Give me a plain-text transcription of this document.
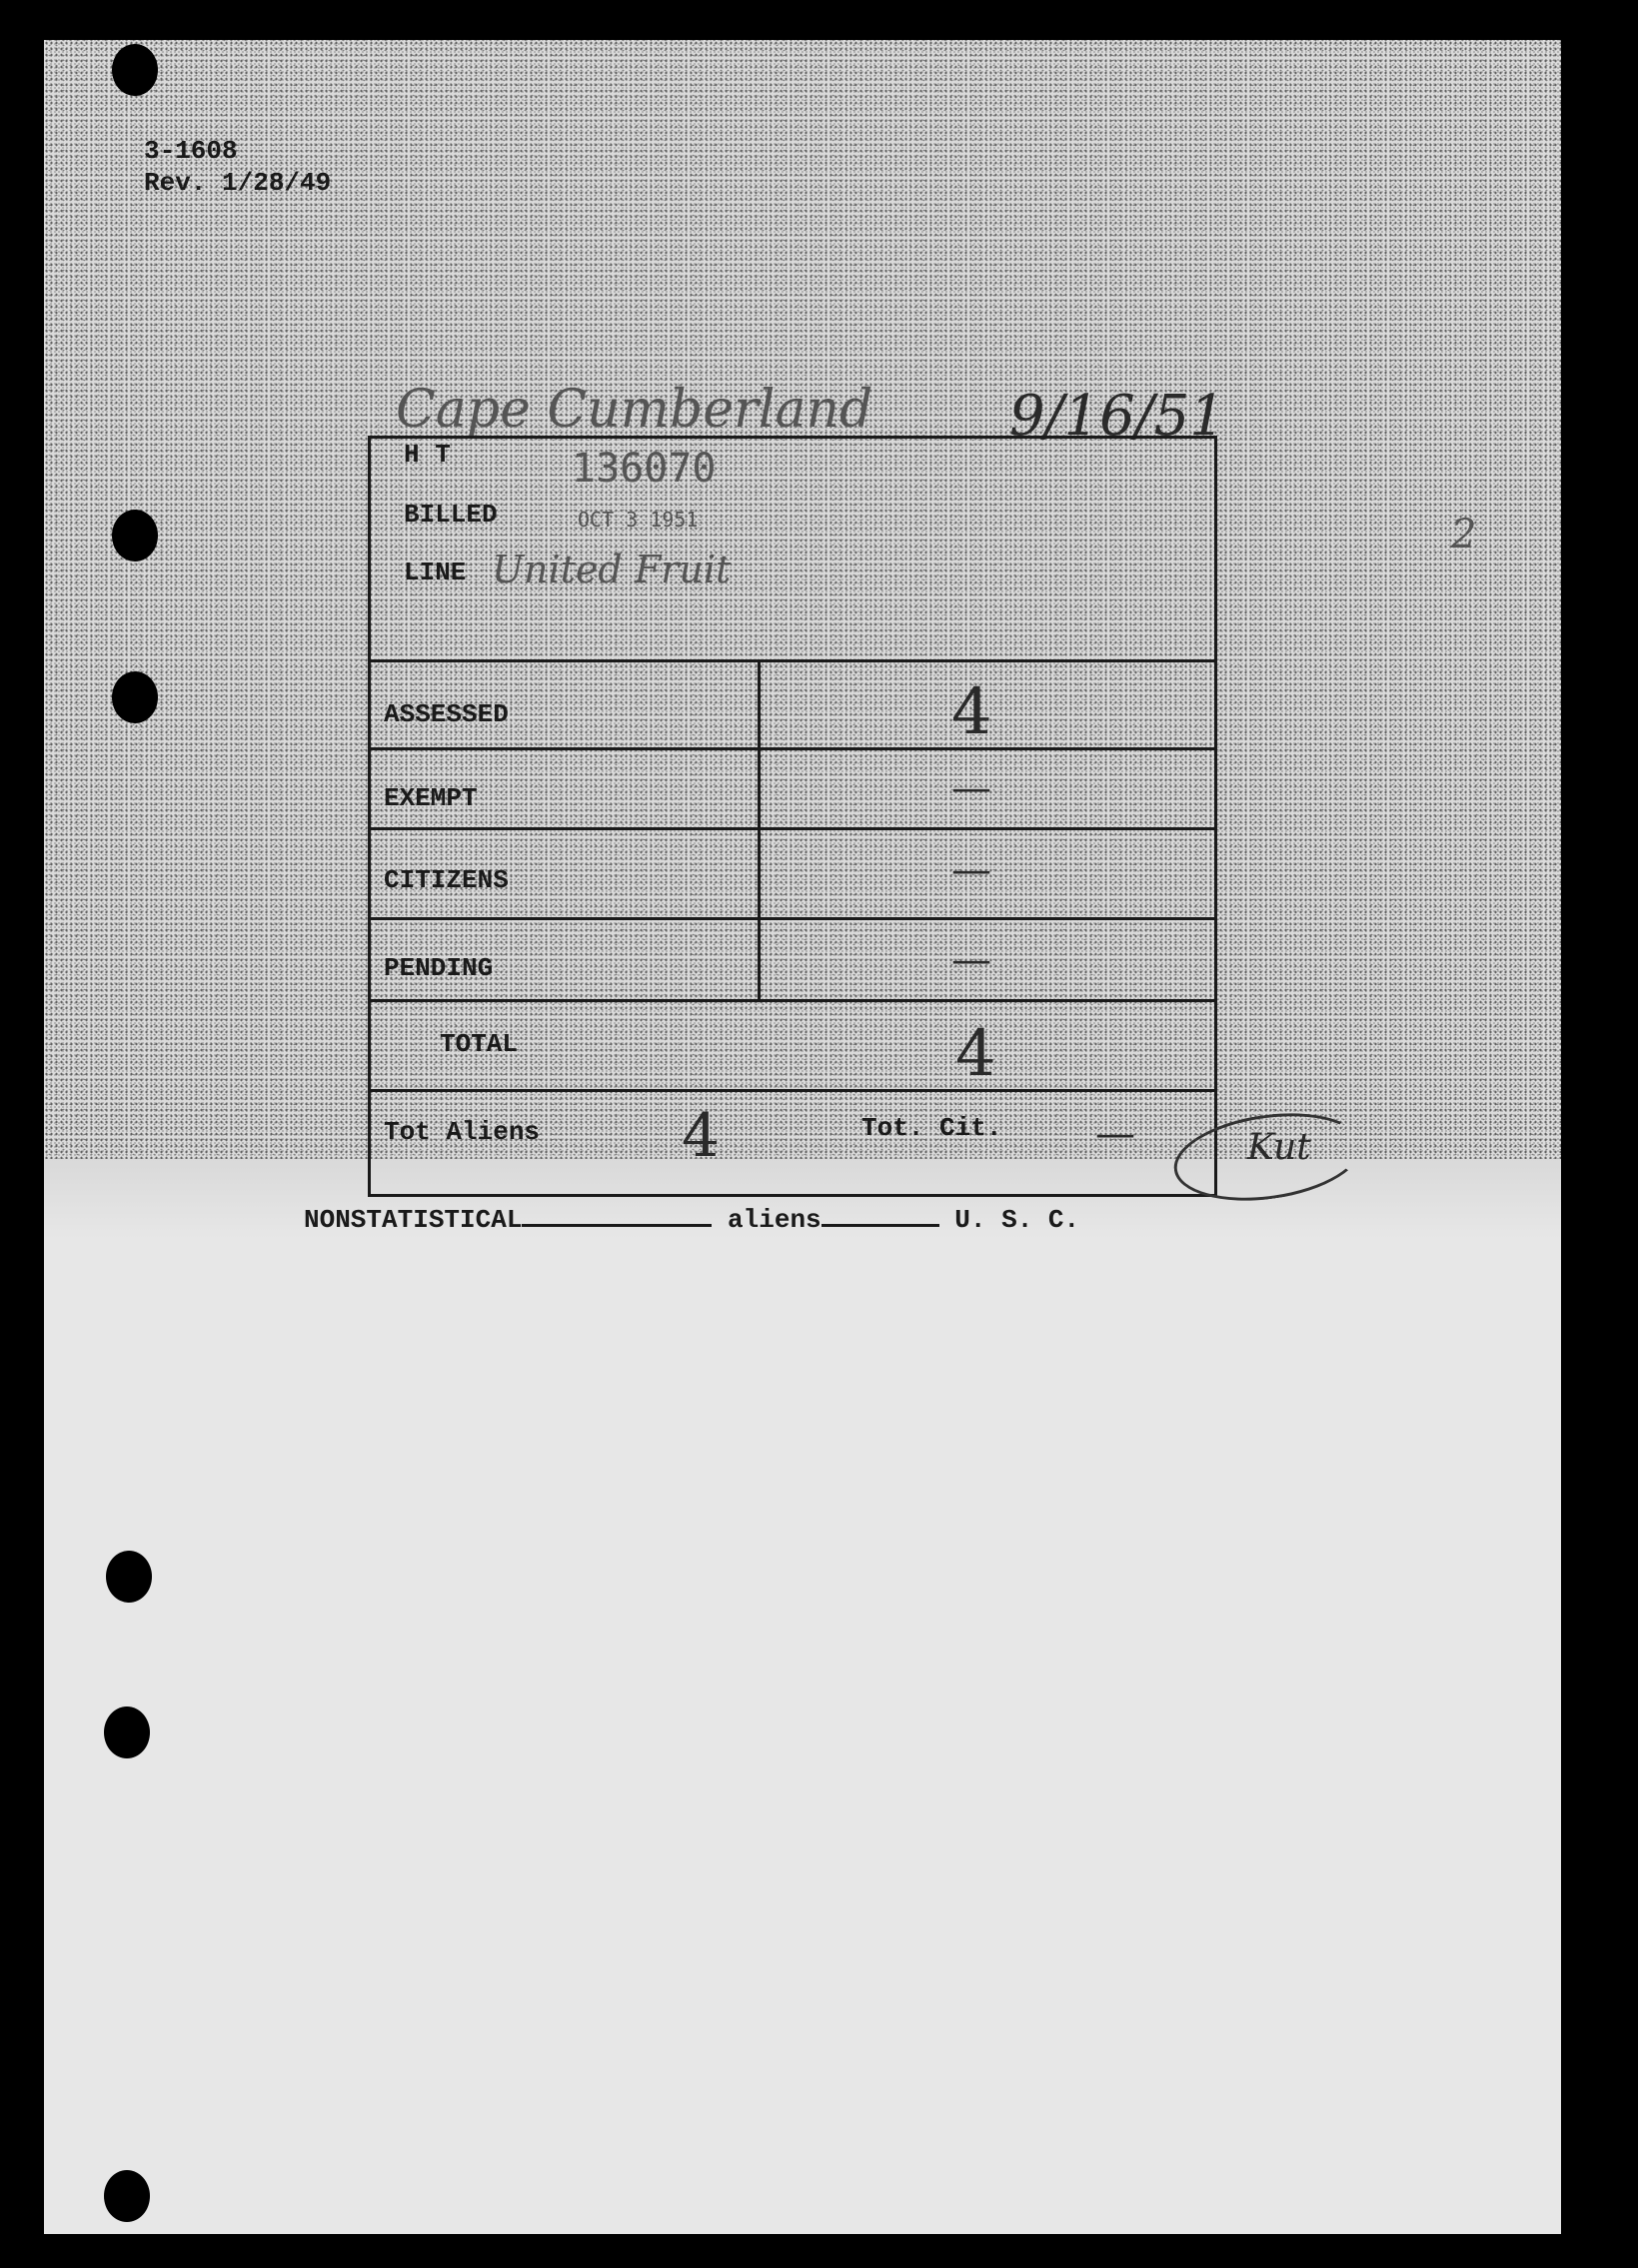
3-1608
Rev. 1/28/49
Cape Cumberland 9/16/51
2
H T	136070
BILLED	OCT 3 1951
LINE United Fruit
ASSESSED	4
EXEMPT	—
CITIZENS	—
PENDING	—
TOTAL	4
Tot Aliens 4	Tot. Cit. —	Kut
NONSTATISTICAL	aliens	U. S. C.
